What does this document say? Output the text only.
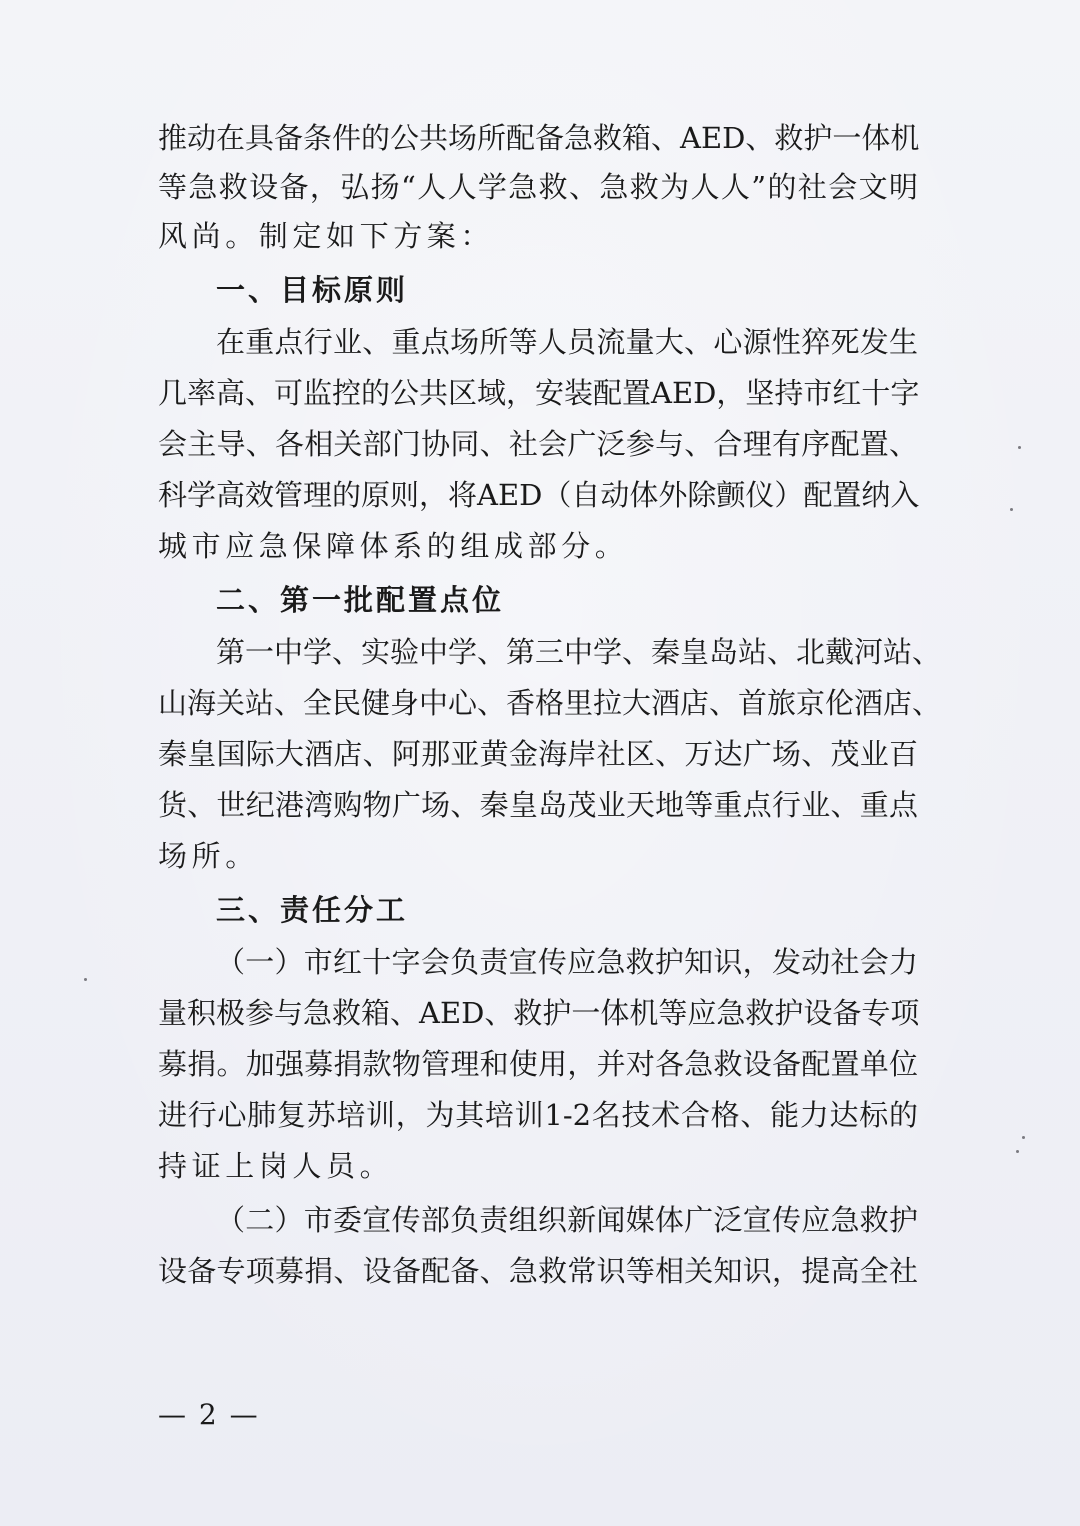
推动在具备条件的公共场所配备急救箱、AED、救护一体机
等急救设备，弘扬“人人学急救、急救为人人”的社会文明
风尚。制定如下方案：
一、目标原则
在重点行业、重点场所等人员流量大、心源性猝死发生
几率高、可监控的公共区域，安装配置AED，坚持市红十字
会主导、各相关部门协同、社会广泛参与、合理有序配置、
科学高效管理的原则，将AED（自动体外除颤仪）配置纳入
城市应急保障体系的组成部分。
二、第一批配置点位
第一中学、实验中学、第三中学、秦皇岛站、北戴河站、
山海关站、全民健身中心、香格里拉大酒店、首旅京伦酒店、
秦皇国际大酒店、阿那亚黄金海岸社区、万达广场、茂业百
货、世纪港湾购物广场、秦皇岛茂业天地等重点行业、重点
场所。
三、责任分工
（一）市红十字会负责宣传应急救护知识，发动社会力
量积极参与急救箱、AED、救护一体机等应急救护设备专项
募捐。加强募捐款物管理和使用，并对各急救设备配置单位
进行心肺复苏培训，为其培训1-2名技术合格、能力达标的
持证上岗人员。
（二）市委宣传部负责组织新闻媒体广泛宣传应急救护
设备专项募捐、设备配备、急救常识等相关知识，提高全社
— 2 —
